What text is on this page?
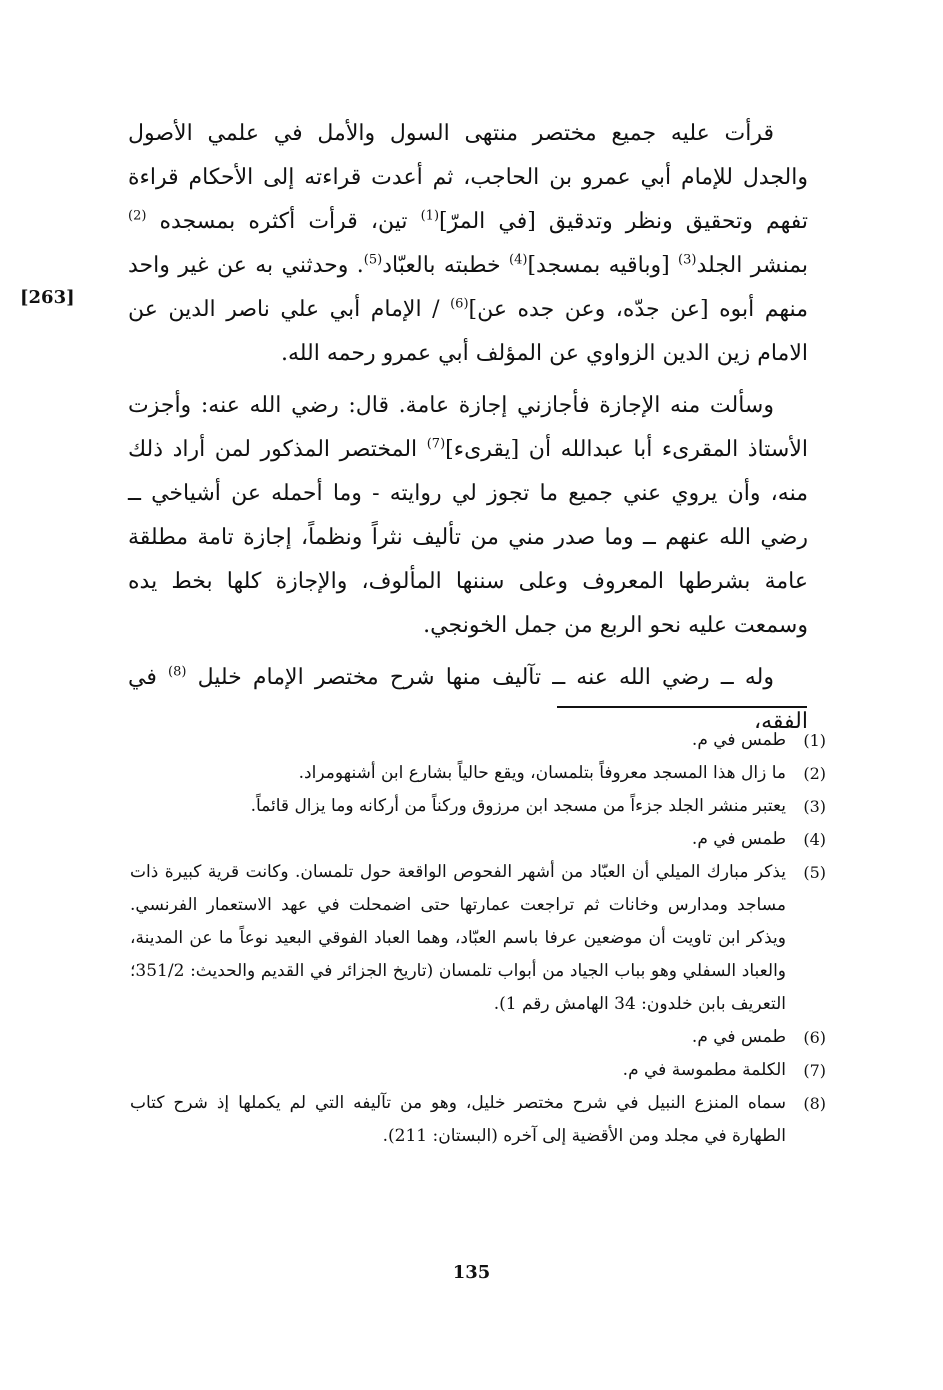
قرأت عليه جميع مختصر منتهى السول والأمل في علمي الأصول والجدل للإمام أبي عمرو بن الحاجب، ثم أعدت قراءته إلى الأحكام قراءة تفهم وتحقيق ونظر وتدقيق [في المرّ]$^{(1)}$ تين، قرأت أكثره بمسجده $^{(2)}$ بمنشر الجلد$^{(3)}$ [وباقيه بمسجد]$^{(4)}$ خطبته بالعبّاد$^{(5)}$. وحدثني به عن غير واحد منهم أبوه [عن جدّه، وعن جده عن]$^{(6)}$ / الإمام أبي علي ناصر الدين عن الامام زين الدين الزواوي عن المؤلف أبي عمرو رحمه الله.

وسألت منه الإجازة فأجازني إجازة عامة. قال: رضي الله عنه: وأجزت الأستاذ المقرىء أبا عبدالله أن [يقرىء]$^{(7)}$ المختصر المذكور لمن أراد ذلك منه، وأن يروي عني جميع ما تجوز لي روايته - وما أحمله عن أشياخي ــ رضي الله عنهم ــ وما صدر مني من تأليف نثراً ونظماً، إجازة تامة مطلقة عامة بشرطها المعروف وعلى سننها المألوف، والإجازة كلها بخط يده وسمعت عليه نحو الربع من جمل الخونجي.

وله ــ رضي الله عنه ــ تآليف منها شرح مختصر الإمام خليل $^{(8)}$ في الفقه،

[263]
(1)
طمس في م.
(2)
ما زال هذا المسجد معروفاً بتلمسان، ويقع حالياً بشارع ابن أشنهومراد.
(3)
يعتبر منشر الجلد جزءاً من مسجد ابن مرزوق وركناً من أركانه وما يزال قائماً.
(4)
طمس في م.
(5)
يذكر مبارك الميلي أن العبّاد من أشهر الفحوص الواقعة حول تلمسان. وكانت قرية كبيرة ذات مساجد ومدارس وخانات ثم تراجعت عمارتها حتى اضمحلت في عهد الاستعمار الفرنسي. ويذكر ابن تاويت أن موضعين عرفا باسم العبّاد، وهما العباد الفوقي البعيد نوعاً ما عن المدينة، والعباد السفلي وهو بباب الجياد من أبواب تلمسان (تاريخ الجزائر في القديم والحديث: 351/2؛ التعريف بابن خلدون: 34 الهامش رقم 1).
(6)
طمس في م.
(7)
الكلمة مطموسة في م.
(8)
سماه المنزع النبيل في شرح مختصر خليل، وهو من تآليفه التي لم يكملها إذ شرح كتاب الطهارة في مجلد ومن الأقضية إلى آخره (البستان: 211).
135
